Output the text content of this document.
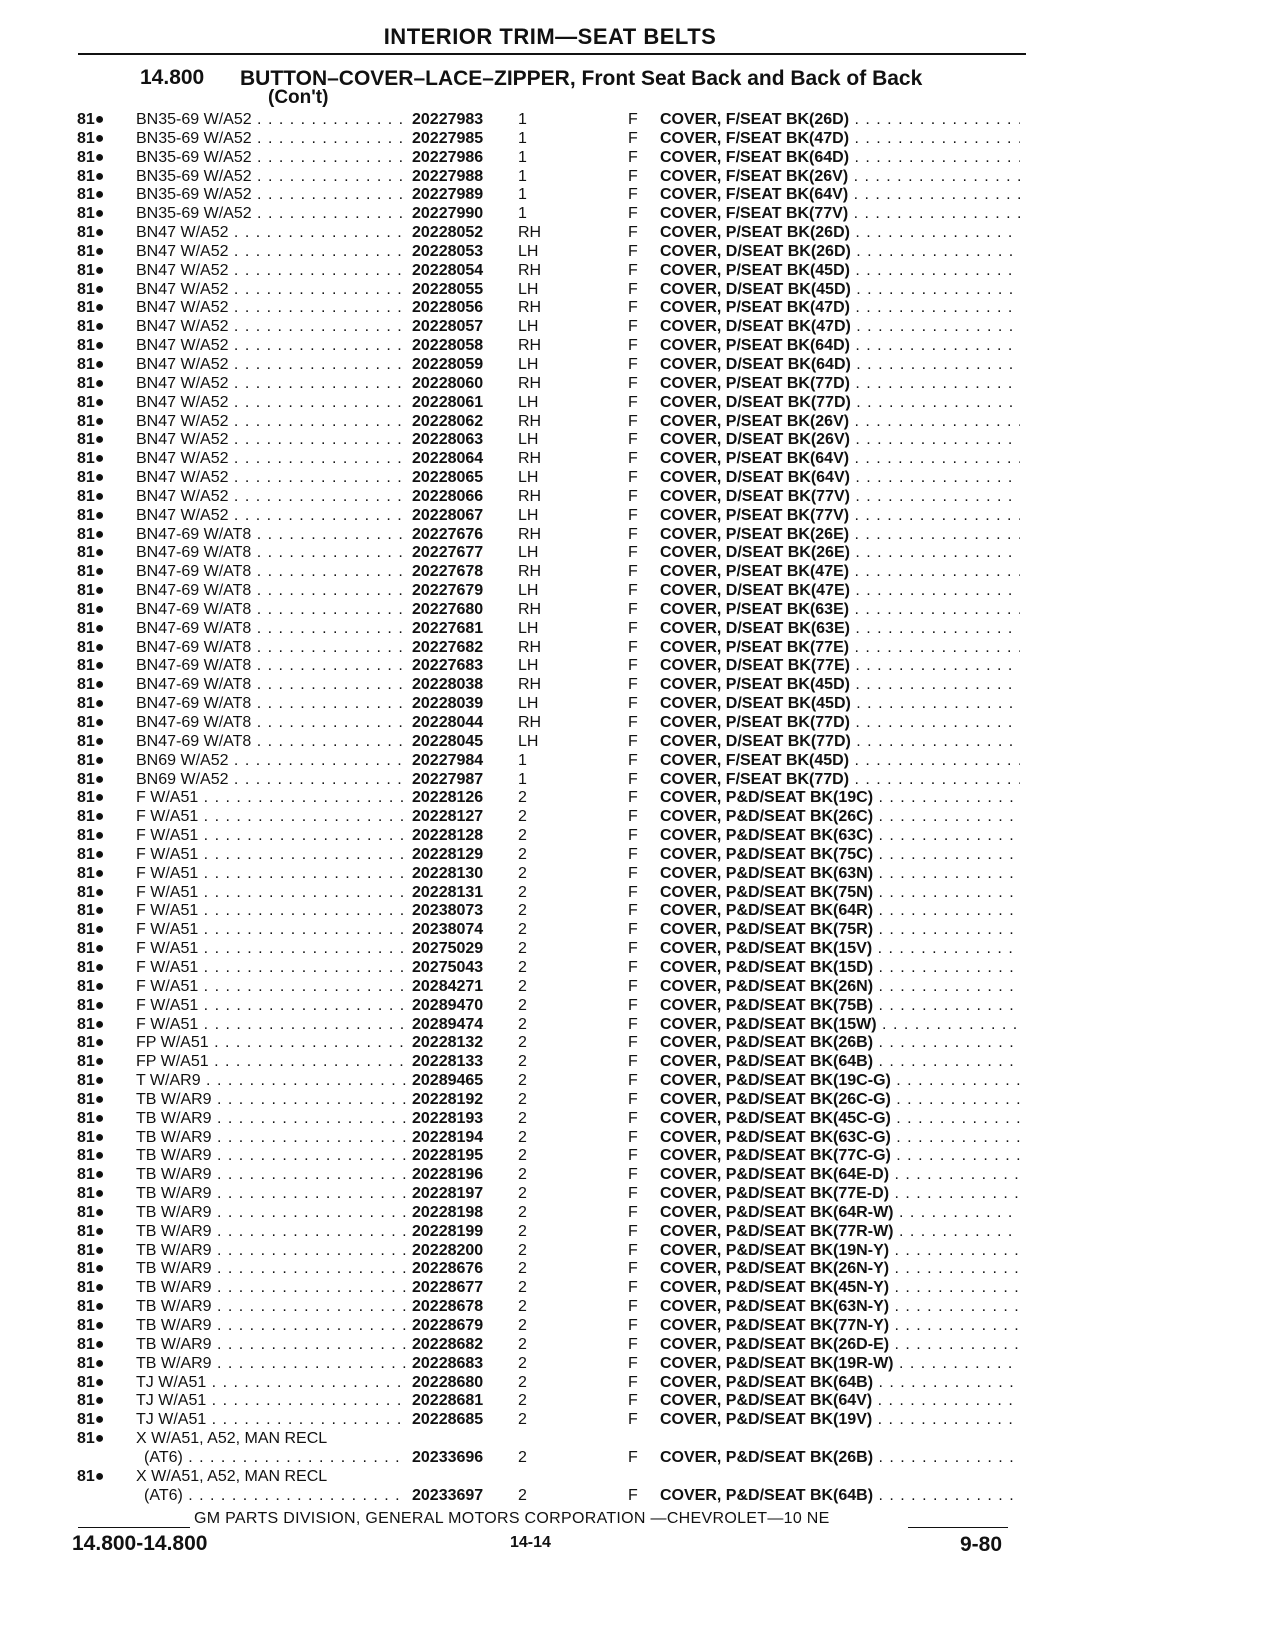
INTERIOR TRIM—SEAT BELTS
14.800 BUTTON–COVER–LACE–ZIPPER, Front Seat Back and Back of Back
(Con't)
81●	BN35-69 W/A52 . . .	20227983	1	F	COVER, F/SEAT BK(26D) . . .
81●	BN35-69 W/A52 . . .	20227985	1	F	COVER, F/SEAT BK(47D) . . .
81●	BN35-69 W/A52 . . .	20227986	1	F	COVER, F/SEAT BK(64D) . . .
81●	BN35-69 W/A52 . . .	20227988	1	F	COVER, F/SEAT BK(26V) . . .
81●	BN35-69 W/A52 . . .	20227989	1	F	COVER, F/SEAT BK(64V) . . .
81●	BN35-69 W/A52 . . .	20227990	1	F	COVER, F/SEAT BK(77V) . . .
81●	BN47 W/A52 . . .	20228052	RH	F	COVER, P/SEAT BK(26D) . . .
81●	BN47 W/A52 . . .	20228053	LH	F	COVER, D/SEAT BK(26D) . . .
81●	BN47 W/A52 . . .	20228054	RH	F	COVER, P/SEAT BK(45D) . . .
81●	BN47 W/A52 . . .	20228055	LH	F	COVER, D/SEAT BK(45D) . . .
81●	BN47 W/A52 . . .	20228056	RH	F	COVER, P/SEAT BK(47D) . . .
81●	BN47 W/A52 . . .	20228057	LH	F	COVER, D/SEAT BK(47D) . . .
81●	BN47 W/A52 . . .	20228058	RH	F	COVER, P/SEAT BK(64D) . . .
81●	BN47 W/A52 . . .	20228059	LH	F	COVER, D/SEAT BK(64D) . . .
81●	BN47 W/A52 . . .	20228060	RH	F	COVER, P/SEAT BK(77D) . . .
81●	BN47 W/A52 . . .	20228061	LH	F	COVER, D/SEAT BK(77D) . . .
81●	BN47 W/A52 . . .	20228062	RH	F	COVER, P/SEAT BK(26V) . . .
81●	BN47 W/A52 . . .	20228063	LH	F	COVER, D/SEAT BK(26V) . . .
81●	BN47 W/A52 . . .	20228064	RH	F	COVER, P/SEAT BK(64V) . . .
81●	BN47 W/A52 . . .	20228065	LH	F	COVER, D/SEAT BK(64V) . . .
81●	BN47 W/A52 . . .	20228066	RH	F	COVER, D/SEAT BK(77V) . . .
81●	BN47 W/A52 . . .	20228067	LH	F	COVER, P/SEAT BK(77V) . . .
81●	BN47-69 W/AT8 . . .	20227676	RH	F	COVER, P/SEAT BK(26E) . . .
81●	BN47-69 W/AT8 . . .	20227677	LH	F	COVER, D/SEAT BK(26E) . . .
81●	BN47-69 W/AT8 . . .	20227678	RH	F	COVER, P/SEAT BK(47E) . . .
81●	BN47-69 W/AT8 . . .	20227679	LH	F	COVER, D/SEAT BK(47E) . . .
81●	BN47-69 W/AT8 . . .	20227680	RH	F	COVER, P/SEAT BK(63E) . . .
81●	BN47-69 W/AT8 . . .	20227681	LH	F	COVER, D/SEAT BK(63E) . . .
81●	BN47-69 W/AT8 . . .	20227682	RH	F	COVER, P/SEAT BK(77E) . . .
81●	BN47-69 W/AT8 . . .	20227683	LH	F	COVER, D/SEAT BK(77E) . . .
81●	BN47-69 W/AT8 . . .	20228038	RH	F	COVER, P/SEAT BK(45D) . . .
81●	BN47-69 W/AT8 . . .	20228039	LH	F	COVER, D/SEAT BK(45D) . . .
81●	BN47-69 W/AT8 . . .	20228044	RH	F	COVER, P/SEAT BK(77D) . . .
81●	BN47-69 W/AT8 . . .	20228045	LH	F	COVER, D/SEAT BK(77D) . . .
81●	BN69 W/A52 . . .	20227984	1	F	COVER, F/SEAT BK(45D) . . .
81●	BN69 W/A52 . . .	20227987	1	F	COVER, F/SEAT BK(77D) . . .
81●	F W/A51 . . .	20228126	2	F	COVER, P&D/SEAT BK(19C) . . .
81●	F W/A51 . . .	20228127	2	F	COVER, P&D/SEAT BK(26C) . . .
81●	F W/A51 . . .	20228128	2	F	COVER, P&D/SEAT BK(63C) . . .
81●	F W/A51 . . .	20228129	2	F	COVER, P&D/SEAT BK(75C) . . .
81●	F W/A51 . . .	20228130	2	F	COVER, P&D/SEAT BK(63N) . . .
81●	F W/A51 . . .	20228131	2	F	COVER, P&D/SEAT BK(75N) . . .
81●	F W/A51 . . .	20238073	2	F	COVER, P&D/SEAT BK(64R) . . .
81●	F W/A51 . . .	20238074	2	F	COVER, P&D/SEAT BK(75R) . . .
81●	F W/A51 . . .	20275029	2	F	COVER, P&D/SEAT BK(15V) . . .
81●	F W/A51 . . .	20275043	2	F	COVER, P&D/SEAT BK(15D) . . .
81●	F W/A51 . . .	20284271	2	F	COVER, P&D/SEAT BK(26N) . . .
81●	F W/A51 . . .	20289470	2	F	COVER, P&D/SEAT BK(75B) . . .
81●	F W/A51 . . .	20289474	2	F	COVER, P&D/SEAT BK(15W) . . .
81●	FP W/A51 . . .	20228132	2	F	COVER, P&D/SEAT BK(26B) . . .
81●	FP W/A51 . . .	20228133	2	F	COVER, P&D/SEAT BK(64B) . . .
81●	T W/AR9 . . .	20289465	2	F	COVER, P&D/SEAT BK(19C-G) . . .
81●	TB W/AR9 . . .	20228192	2	F	COVER, P&D/SEAT BK(26C-G) . . .
81●	TB W/AR9 . . .	20228193	2	F	COVER, P&D/SEAT BK(45C-G) . . .
81●	TB W/AR9 . . .	20228194	2	F	COVER, P&D/SEAT BK(63C-G) . . .
81●	TB W/AR9 . . .	20228195	2	F	COVER, P&D/SEAT BK(77C-G) . . .
81●	TB W/AR9 . . .	20228196	2	F	COVER, P&D/SEAT BK(64E-D) . . .
81●	TB W/AR9 . . .	20228197	2	F	COVER, P&D/SEAT BK(77E-D) . . .
81●	TB W/AR9 . . .	20228198	2	F	COVER, P&D/SEAT BK(64R-W) . . .
81●	TB W/AR9 . . .	20228199	2	F	COVER, P&D/SEAT BK(77R-W) . . .
81●	TB W/AR9 . . .	20228200	2	F	COVER, P&D/SEAT BK(19N-Y) . . .
81●	TB W/AR9 . . .	20228676	2	F	COVER, P&D/SEAT BK(26N-Y) . . .
81●	TB W/AR9 . . .	20228677	2	F	COVER, P&D/SEAT BK(45N-Y) . . .
81●	TB W/AR9 . . .	20228678	2	F	COVER, P&D/SEAT BK(63N-Y) . . .
81●	TB W/AR9 . . .	20228679	2	F	COVER, P&D/SEAT BK(77N-Y) . . .
81●	TB W/AR9 . . .	20228682	2	F	COVER, P&D/SEAT BK(26D-E) . . .
81●	TB W/AR9 . . .	20228683	2	F	COVER, P&D/SEAT BK(19R-W) . . .
81●	TJ W/A51 . . .	20228680	2	F	COVER, P&D/SEAT BK(64B) . . .
81●	TJ W/A51 . . .	20228681	2	F	COVER, P&D/SEAT BK(64V) . . .
81●	TJ W/A51 . . .	20228685	2	F	COVER, P&D/SEAT BK(19V) . . .
81●	X W/A51, A52, MAN RECL
(AT6) . . .	20233696	2	F	COVER, P&D/SEAT BK(26B) . . .
81●	X W/A51, A52, MAN RECL
(AT6) . . .	20233697	2	F	COVER, P&D/SEAT BK(64B) . . .
GM PARTS DIVISION, GENERAL MOTORS CORPORATION —CHEVROLET—10 NE
14.800-14.800	14-14	9-80
